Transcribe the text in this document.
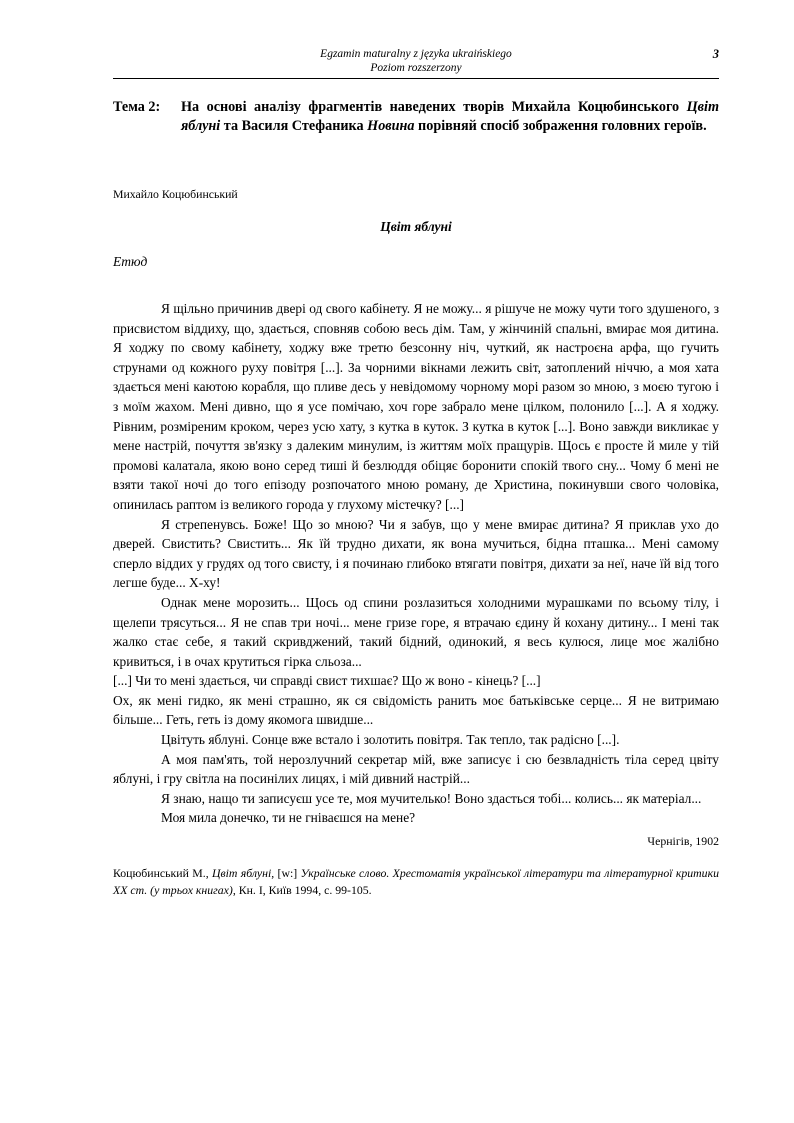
Egzamin maturalny z języka ukraińskiego
Poziom rozszerzony
3
Тема 2:	На основі аналізу фрагментів наведених творів Михайла Коцюбинського Цвіт яблуні та Василя Стефаника Новина порівняй спосіб зображення головних героїв.
Михайло Коцюбинський
Цвіт яблуні
Етюд

Я щільно причинив двері од свого кабінету. Я не можу... я рішуче не можу чути того здушеного, з присвистом віддиху, що, здається, сповняв собою весь дім. Там, у жінчиній спальні, вмирає моя дитина. Я ходжу по свому кабінету, ходжу вже третю безсонну ніч, чуткий, як настроєна арфа, що гучить струнами од кожного руху повітря [...]. За чорними вікнами лежить світ, затоплений ніччю, а моя хата здається мені каютою корабля, що пливе десь у невідомому чорному морі разом зо мною, з моєю тугою і з моїм жахом. Мені дивно, що я усе помічаю, хоч горе забрало мене цілком, полонило [...]. А я ходжу. Рівним, розміреним кроком, через усю хату, з кутка в куток. З кутка в куток [...]. Воно завжди викликає у мене настрій, почуття зв'язку з далеким минулим, із життям моїх пращурів. Щось є просте й миле у тій промові калатала, якою воно серед тиші й безлюддя обіцяє боронити спокій твого сну... Чому б мені не взяти такої ночі до того епізоду розпочатого мною роману, де Христина, покинувши свого чоловіка, опинилась раптом із великого города у глухому містечку? [...]

Я стрепенувсь. Боже! Що зо мною? Чи я забув, що у мене вмирає дитина? Я приклав ухо до дверей. Свистить? Свистить... Як їй трудно дихати, як вона мучиться, бідна пташка... Мені самому сперло віддих у грудях од того свисту, і я починаю глибоко втягати повітря, дихати за неї, наче їй від того легше буде... Х-ху!

Однак мене морозить... Щось од спини розлазиться холодними мурашками по всьому тілу, і щелепи трясуться... Я не спав три ночі... мене гризе горе, я втрачаю єдину й кохану дитину... І мені так жалко стає себе, я такий скривджений, такий бідний, одинокий, я весь кулюся, лице моє жалібно кривиться, і в очах крутиться гірка сльоза...

[...] Чи то мені здається, чи справді свист тихшає? Що ж воно - кінець? [...]

Ох, як мені гидко, як мені страшно, як ся свідомість ранить моє батьківське серце... Я не витримаю більше... Геть, геть із дому якомога швидше...

Цвітуть яблуні. Сонце вже встало і золотить повітря. Так тепло, так радісно [...].

А моя пам'ять, той нерозлучний секретар мій, вже записує і сю безвладність тіла серед цвіту яблуні, і гру світла на посинілих лицях, і мій дивний настрій...

Я знаю, нащо ти записуєш усе те, моя мучителько! Воно здасться тобі... колись... як матеріал...

Моя мила донечко, ти не гніваєшся на мене?

Чернігів, 1902
Коцюбинський М., Цвіт яблуні, [w:] Українське слово. Хрестоматія української літератури та літературної критики ХХ ст. (у трьох книгах), Кн. І, Київ 1994, с. 99-105.
